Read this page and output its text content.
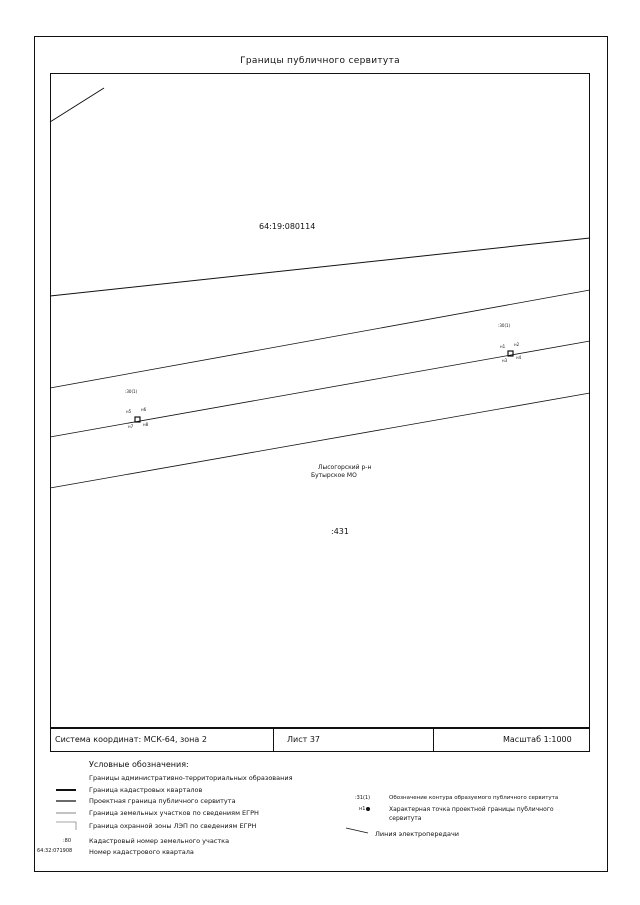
Границы публичного сервитута
64:19:080114
Лысогорский р-н
Бутырское МО
:431
:30(1)
н1 н2
н3
н4
:30(1)
н5 н6
н7 н8
Система координат: МСК-64, зона 2	Лист 37	Масштаб 1:1000
Условные обозначения:
Границы административно-территориальных образования
Граница кадастровых кварталов
Проектная граница публичного сервитута
Граница земельных участков по сведениям ЕГРН
Граница охранной зоны ЛЭП по сведениям ЕГРН
:80	Кадастровый номер земельного участка
64:32:071908	Номер кадастрового квартала
:31(1)	Обозначение контура образуемого публичного сервитута
н1	Характерная точка проектной границы публичного сервитута
Линия электропередачи
